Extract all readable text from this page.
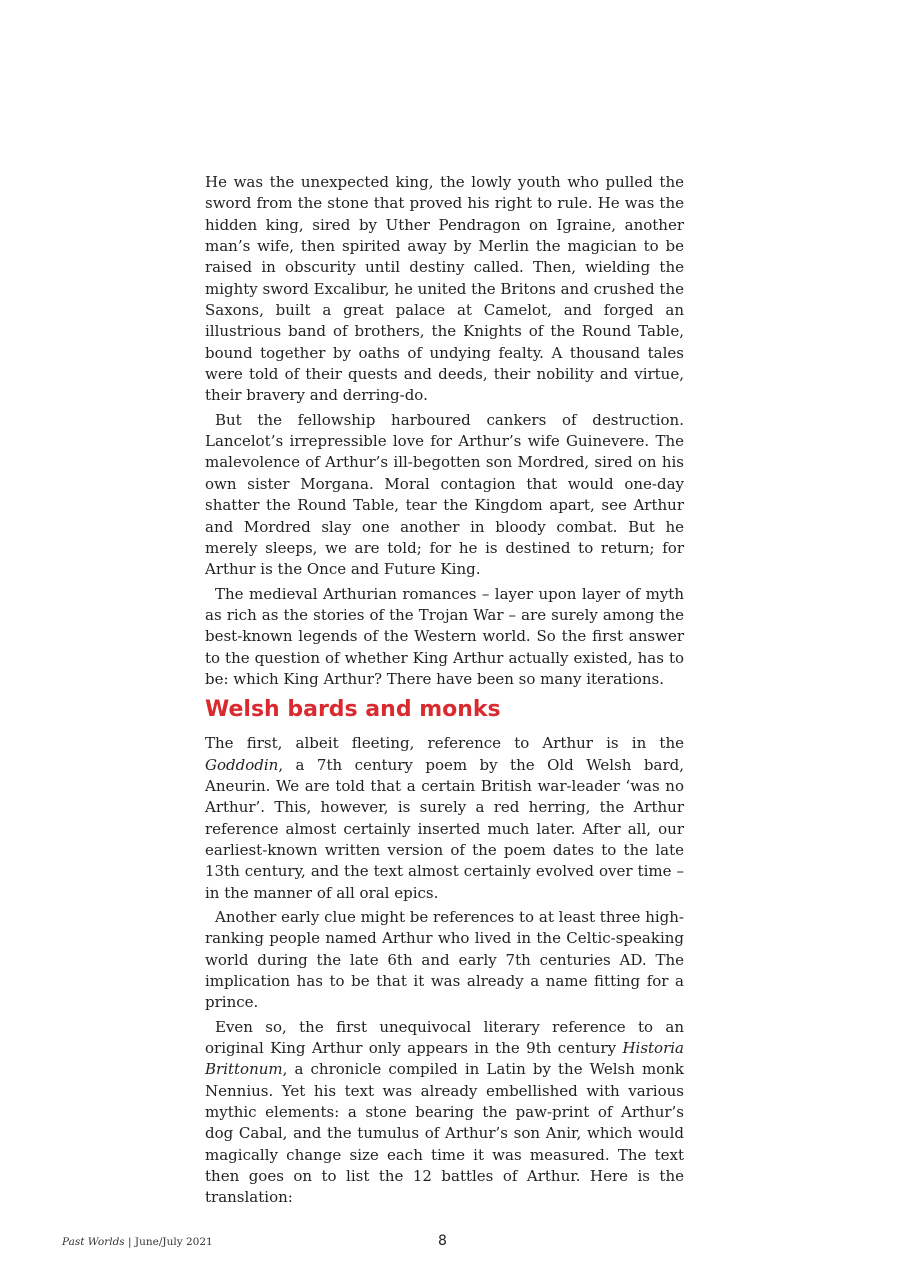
He was the unexpected king, the lowly youth who pulled the sword from the stone that proved his right to rule. He was the hidden king, sired by Uther Pendragon on Igraine, another man’s wife, then spirited away by Merlin the magician to be raised in obscurity until destiny called. Then, wielding the mighty sword Excalibur, he united the Britons and crushed the Saxons, built a great palace at Camelot, and forged an illustrious band of brothers, the Knights of the Round Table, bound together by oaths of undying fealty. A thousand tales were told of their quests and deeds, their nobility and virtue, their bravery and derring-do.

But the fellowship harboured cankers of destruction. Lancelot’s irrepressible love for Arthur’s wife Guinevere. The malevolence of Arthur’s ill-begotten son Mordred, sired on his own sister Morgana. Moral contagion that would one-day shatter the Round Table, tear the Kingdom apart, see Arthur and Mordred slay one another in bloody combat. But he merely sleeps, we are told; for he is destined to return; for Arthur is the Once and Future King.

The medieval Arthurian romances – layer upon layer of myth as rich as the stories of the Trojan War – are surely among the best-known legends of the Western world. So the first answer to the question of whether King Arthur actually existed, has to be: which King Arthur? There have been so many iterations.

Welsh bards and monks

The first, albeit fleeting, reference to Arthur is in the Goddodin, a 7th century poem by the Old Welsh bard, Aneurin. We are told that a certain British war-leader ‘was no Arthur’. This, however, is surely a red herring, the Arthur reference almost certainly inserted much later. After all, our earliest-known written version of the poem dates to the late 13th century, and the text almost certainly evolved over time – in the manner of all oral epics.

Another early clue might be references to at least three high-ranking people named Arthur who lived in the Celtic-speaking world during the late 6th and early 7th centuries AD. The implication has to be that it was already a name fitting for a prince.

Even so, the first unequivocal literary reference to an original King Arthur only appears in the 9th century Historia Brittonum, a chronicle compiled in Latin by the Welsh monk Nennius. Yet his text was already embellished with various mythic elements: a stone bearing the paw-print of Arthur’s dog Cabal, and the tumulus of Arthur’s son Anir, which would magically change size each time it was measured. The text then goes on to list the 12 battles of Arthur. Here is the translation:

Past Worlds | June/July 2021	8
